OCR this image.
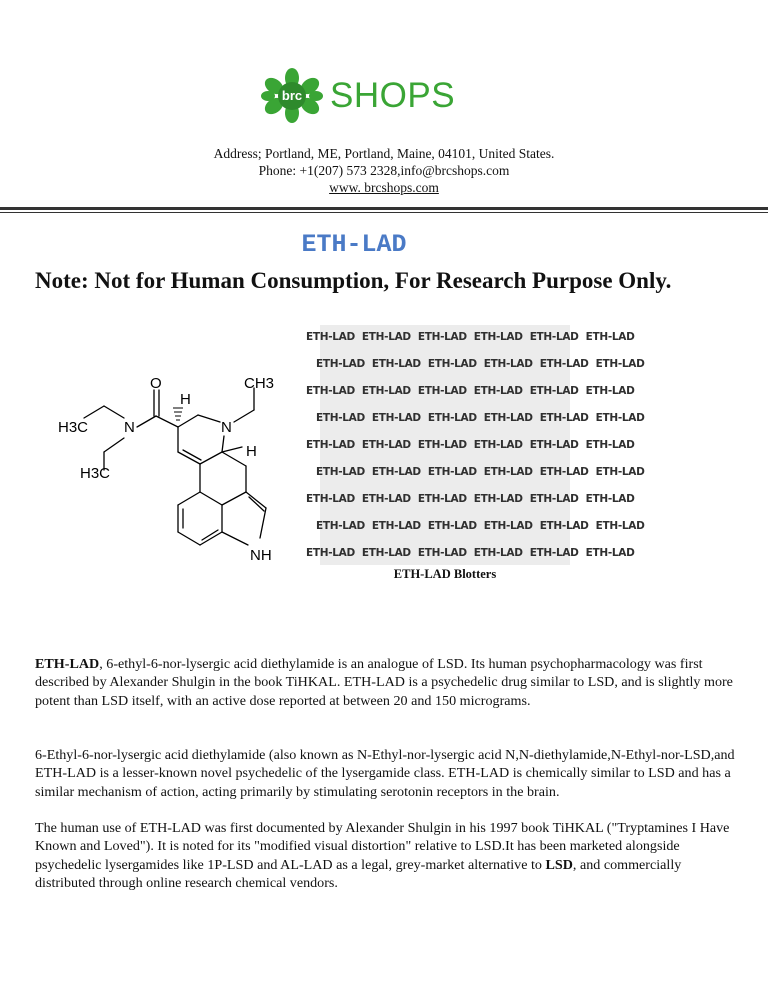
brc SHOPS
Address; Portland, ME, Portland, Maine, 04101, United States.
Phone: +1(207) 573 2328,info@brcshops.com
www. brcshops.com
ETH-LAD
Note: Not for Human Consumption, For Research Purpose Only.
O
H
CH3
N
H3C	N
H
H3C
NH
ETH-LAD ETH-LAD ETH-LAD ETH-LAD ETH-LAD ETH-LAD
ETH-LAD ETH-LAD ETH-LAD ETH-LAD ETH-LAD ETH-LAD
ETH-LAD ETH-LAD ETH-LAD ETH-LAD ETH-LAD ETH-LAD
ETH-LAD ETH-LAD ETH-LAD ETH-LAD ETH-LAD ETH-LAD
ETH-LAD ETH-LAD ETH-LAD ETH-LAD ETH-LAD ETH-LAD
ETH-LAD ETH-LAD ETH-LAD ETH-LAD ETH-LAD ETH-LAD
ETH-LAD ETH-LAD ETH-LAD ETH-LAD ETH-LAD ETH-LAD
ETH-LAD ETH-LAD ETH-LAD ETH-LAD ETH-LAD ETH-LAD
ETH-LAD ETH-LAD ETH-LAD ETH-LAD ETH-LAD ETH-LAD
ETH-LAD Blotters
ETH-LAD, 6-ethyl-6-nor-lysergic acid diethylamide is an analogue of LSD. Its human psychopharmacology was first described by Alexander Shulgin in the book TiHKAL. ETH-LAD is a psychedelic drug similar to LSD, and is slightly more potent than LSD itself, with an active dose reported at between 20 and 150 micrograms.
6-Ethyl-6-nor-lysergic acid diethylamide (also known as N-Ethyl-nor-lysergic acid N,N-diethylamide,N-Ethyl-nor-LSD,and ETH-LAD is a lesser-known novel psychedelic of the lysergamide class. ETH-LAD is chemically similar to LSD and has a similar mechanism of action, acting primarily by stimulating serotonin receptors in the brain.
The human use of ETH-LAD was first documented by Alexander Shulgin in his 1997 book TiHKAL ("Tryptamines I Have Known and Loved"). It is noted for its "modified visual distortion" relative to LSD.It has been marketed alongside psychedelic lysergamides like 1P-LSD and AL-LAD as a legal, grey-market alternative to LSD, and commercially distributed through online research chemical vendors.
